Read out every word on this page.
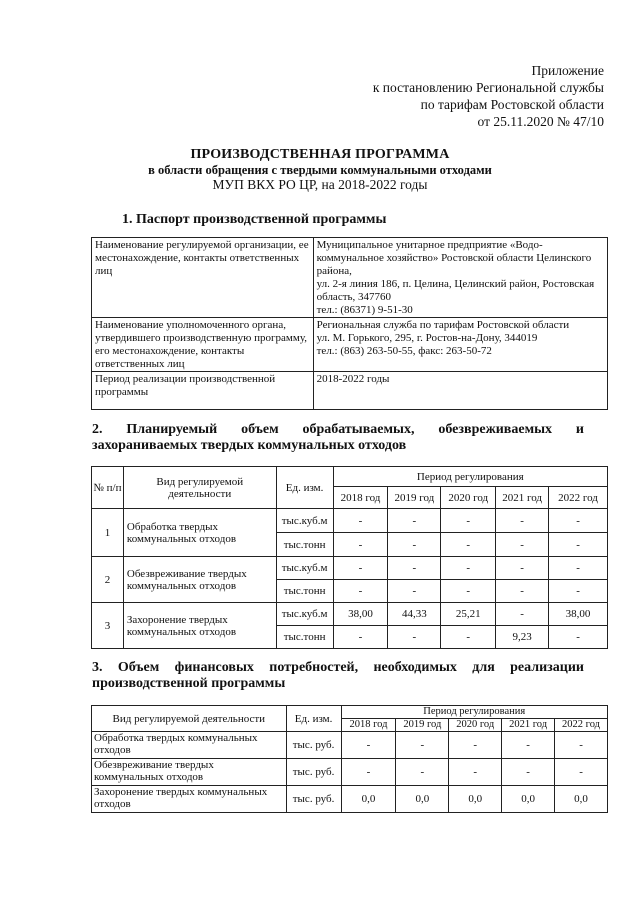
Приложение
к постановлению Региональной службы
по тарифам Ростовской области
от 25.11.2020 № 47/10
ПРОИЗВОДСТВЕННАЯ ПРОГРАММА
в области обращения с твердыми коммунальными отходами
МУП ВКХ РО ЦР, на 2018-2022 годы
1. Паспорт производственной программы
Наименование регулируемой организации, ее местонахождение, контакты ответственных лиц	Муниципальное унитарное предприятие «Водо-коммунальное хозяйство» Ростовской области Целинского района,
ул. 2-я линия 186, п. Целина, Целинский район, Ростовская область, 347760
тел.: (86371) 9-51-30

Наименование уполномоченного органа, утвердившего производственную программу, его местонахождение, контакты ответственных лиц	Региональная служба по тарифам Ростовской области
ул. М. Горького, 295, г. Ростов-на-Дону, 344019
тел.: (863) 263-50-55, факс: 263-50-72

Период реализации производственной программы	2018-2022 годы
2. Планируемый объем обрабатываемых, обезвреживаемых и
захораниваемых твердых коммунальных отходов
№ п/п	Вид регулируемой деятельности	Ед. изм.	Период регулирования				
			2018 год	2019 год	2020 год	2021 год	2022 год
1	Обработка твердых коммунальных отходов	тыс.куб.м	-	-	-	-	-
		тыс.тонн	-	-	-	-	-
2	Обезвреживание твердых коммунальных отходов	тыс.куб.м	-	-	-	-	-
		тыс.тонн	-	-	-	-	-
3	Захоронение твердых коммунальных отходов	тыс.куб.м	38,00	44,33	25,21	-	38,00
		тыс.тонн	-	-	-	9,23	-
3. Объем финансовых потребностей, необходимых для реализации
производственной программы
Вид регулируемой деятельности	Ед. изм.	Период регулирования				
		2018 год	2019 год	2020 год	2021 год	2022 год
Обработка твердых коммунальных отходов	тыс. руб.	-	-	-	-	-
Обезвреживание твердых коммунальных отходов	тыс. руб.	-	-	-	-	-
Захоронение твердых коммунальных отходов	тыс. руб.	0,0	0,0	0,0	0,0	0,0
